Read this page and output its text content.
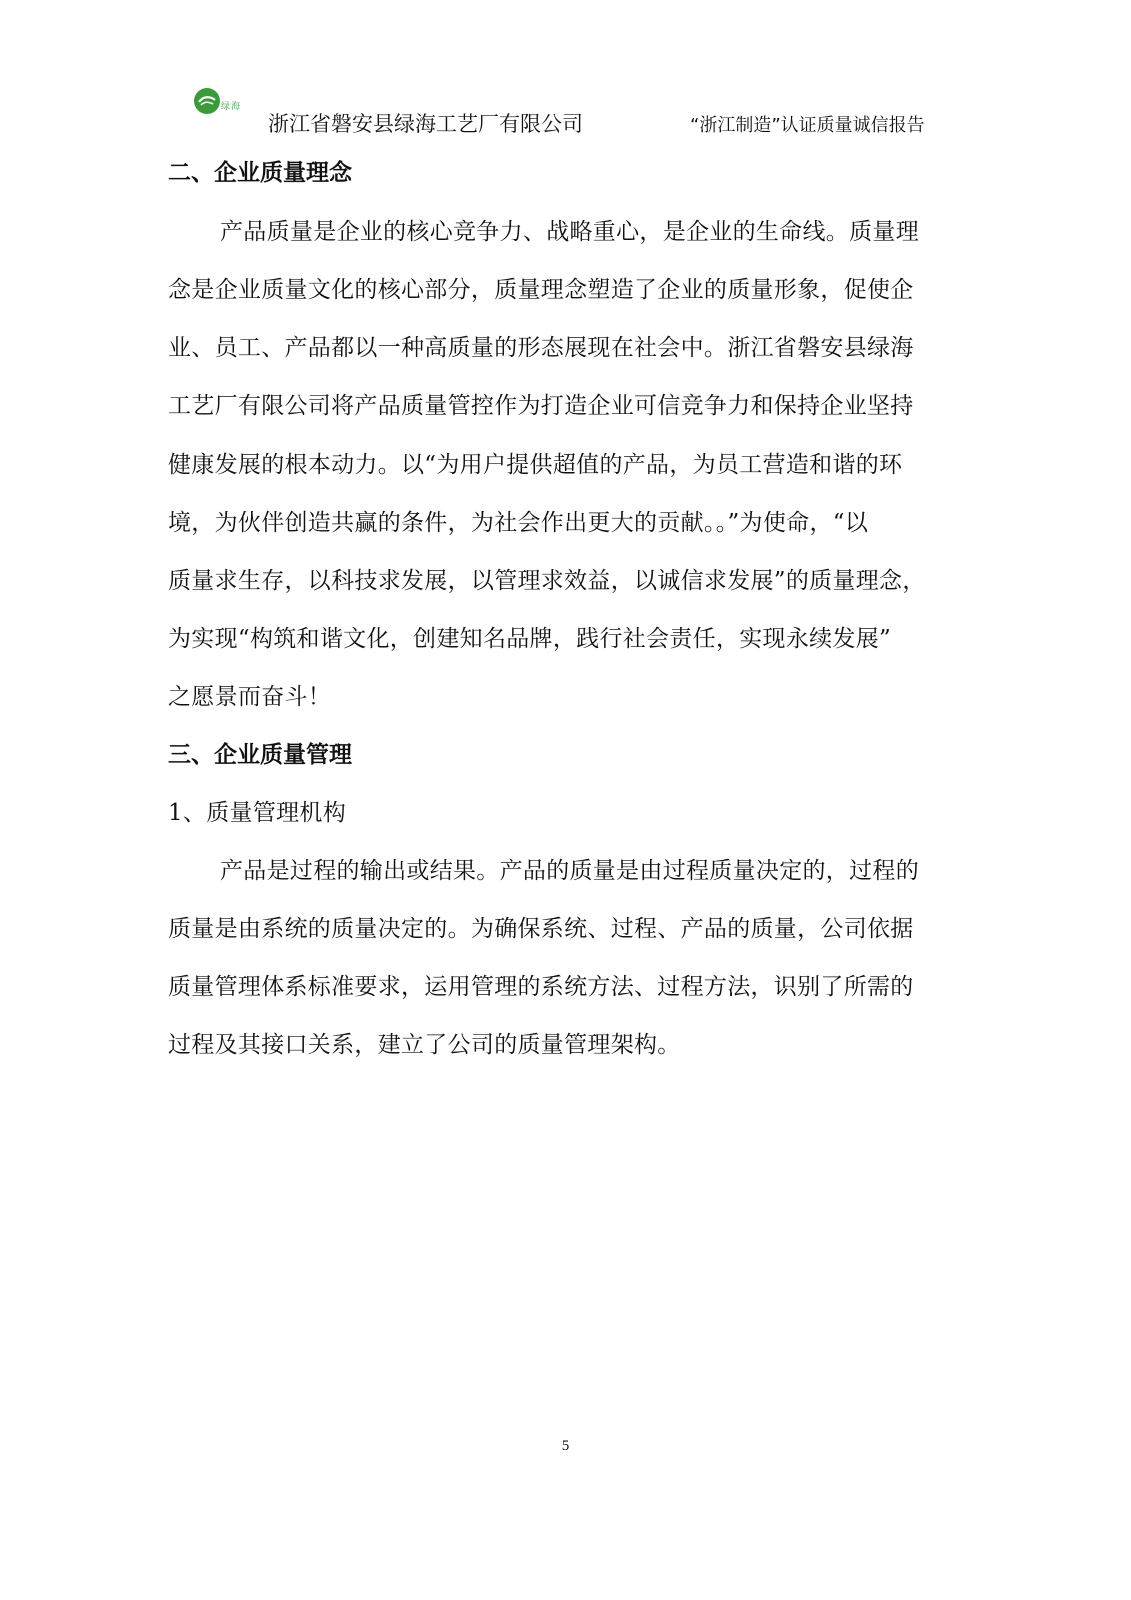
绿海
浙江省磐安县绿海工艺厂有限公司	“浙江制造”认证质量诚信报告
二、企业质量理念
产品质量是企业的核心竞争力、战略重心，是企业的生命线。质量理
念是企业质量文化的核心部分，质量理念塑造了企业的质量形象，促使企
业、员工、产品都以一种高质量的形态展现在社会中。浙江省磐安县绿海
工艺厂有限公司将产品质量管控作为打造企业可信竞争力和保持企业坚持
健康发展的根本动力。以“为用户提供超值的产品，为员工营造和谐的环
境，为伙伴创造共赢的条件，为社会作出更大的贡献。。”为使命，“以
质量求生存，以科技求发展，以管理求效益，以诚信求发展”的质量理念，
为实现“构筑和谐文化，创建知名品牌，践行社会责任，实现永续发展”
之愿景而奋斗！
三、企业质量管理
1、质量管理机构
产品是过程的输出或结果。产品的质量是由过程质量决定的，过程的
质量是由系统的质量决定的。为确保系统、过程、产品的质量，公司依据
质量管理体系标准要求，运用管理的系统方法、过程方法，识别了所需的
过程及其接口关系，建立了公司的质量管理架构。
5
